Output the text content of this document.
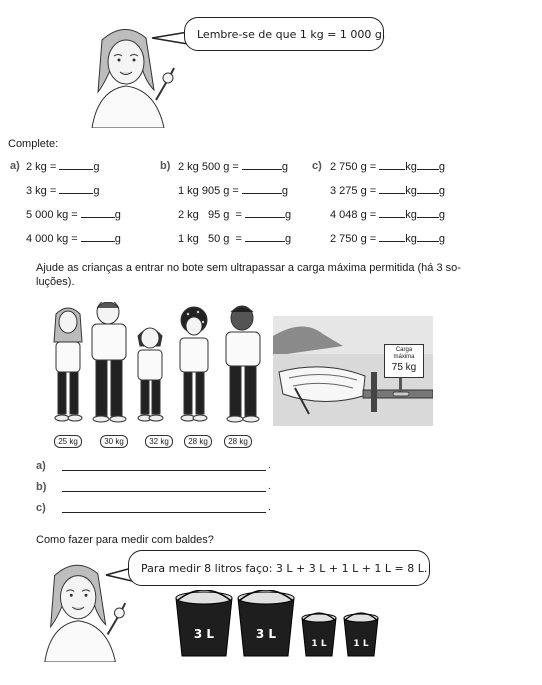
Lembre-se de que 1 kg = 1 000 g.
Complete:
a) 2 kg =	g
3 kg =	g
5 000 kg =	g
4 000 kg =	g
b) 2 kg 500 g =	g
1 kg 905 g =	g
2 kg   95 g  =	g
1 kg   50 g  =	g
c) 2 750 g =	kg g
3 275 g =	kg g
4 048 g =	kg g
2 750 g =	kg g
Ajude as crianças a entrar no bote sem ultrapassar a carga máxima permitida (há 3 so-
luções).
25 kg	30 kg	32 kg	28 kg	28 kg
Carga
máxima
75 kg
a)	.
b)	.
c)	.
Como fazer para medir com baldes?
Para medir 8 litros faço: 3 L + 3 L + 1 L + 1 L = 8 L.
3 L	3 L
1 L	1 L
